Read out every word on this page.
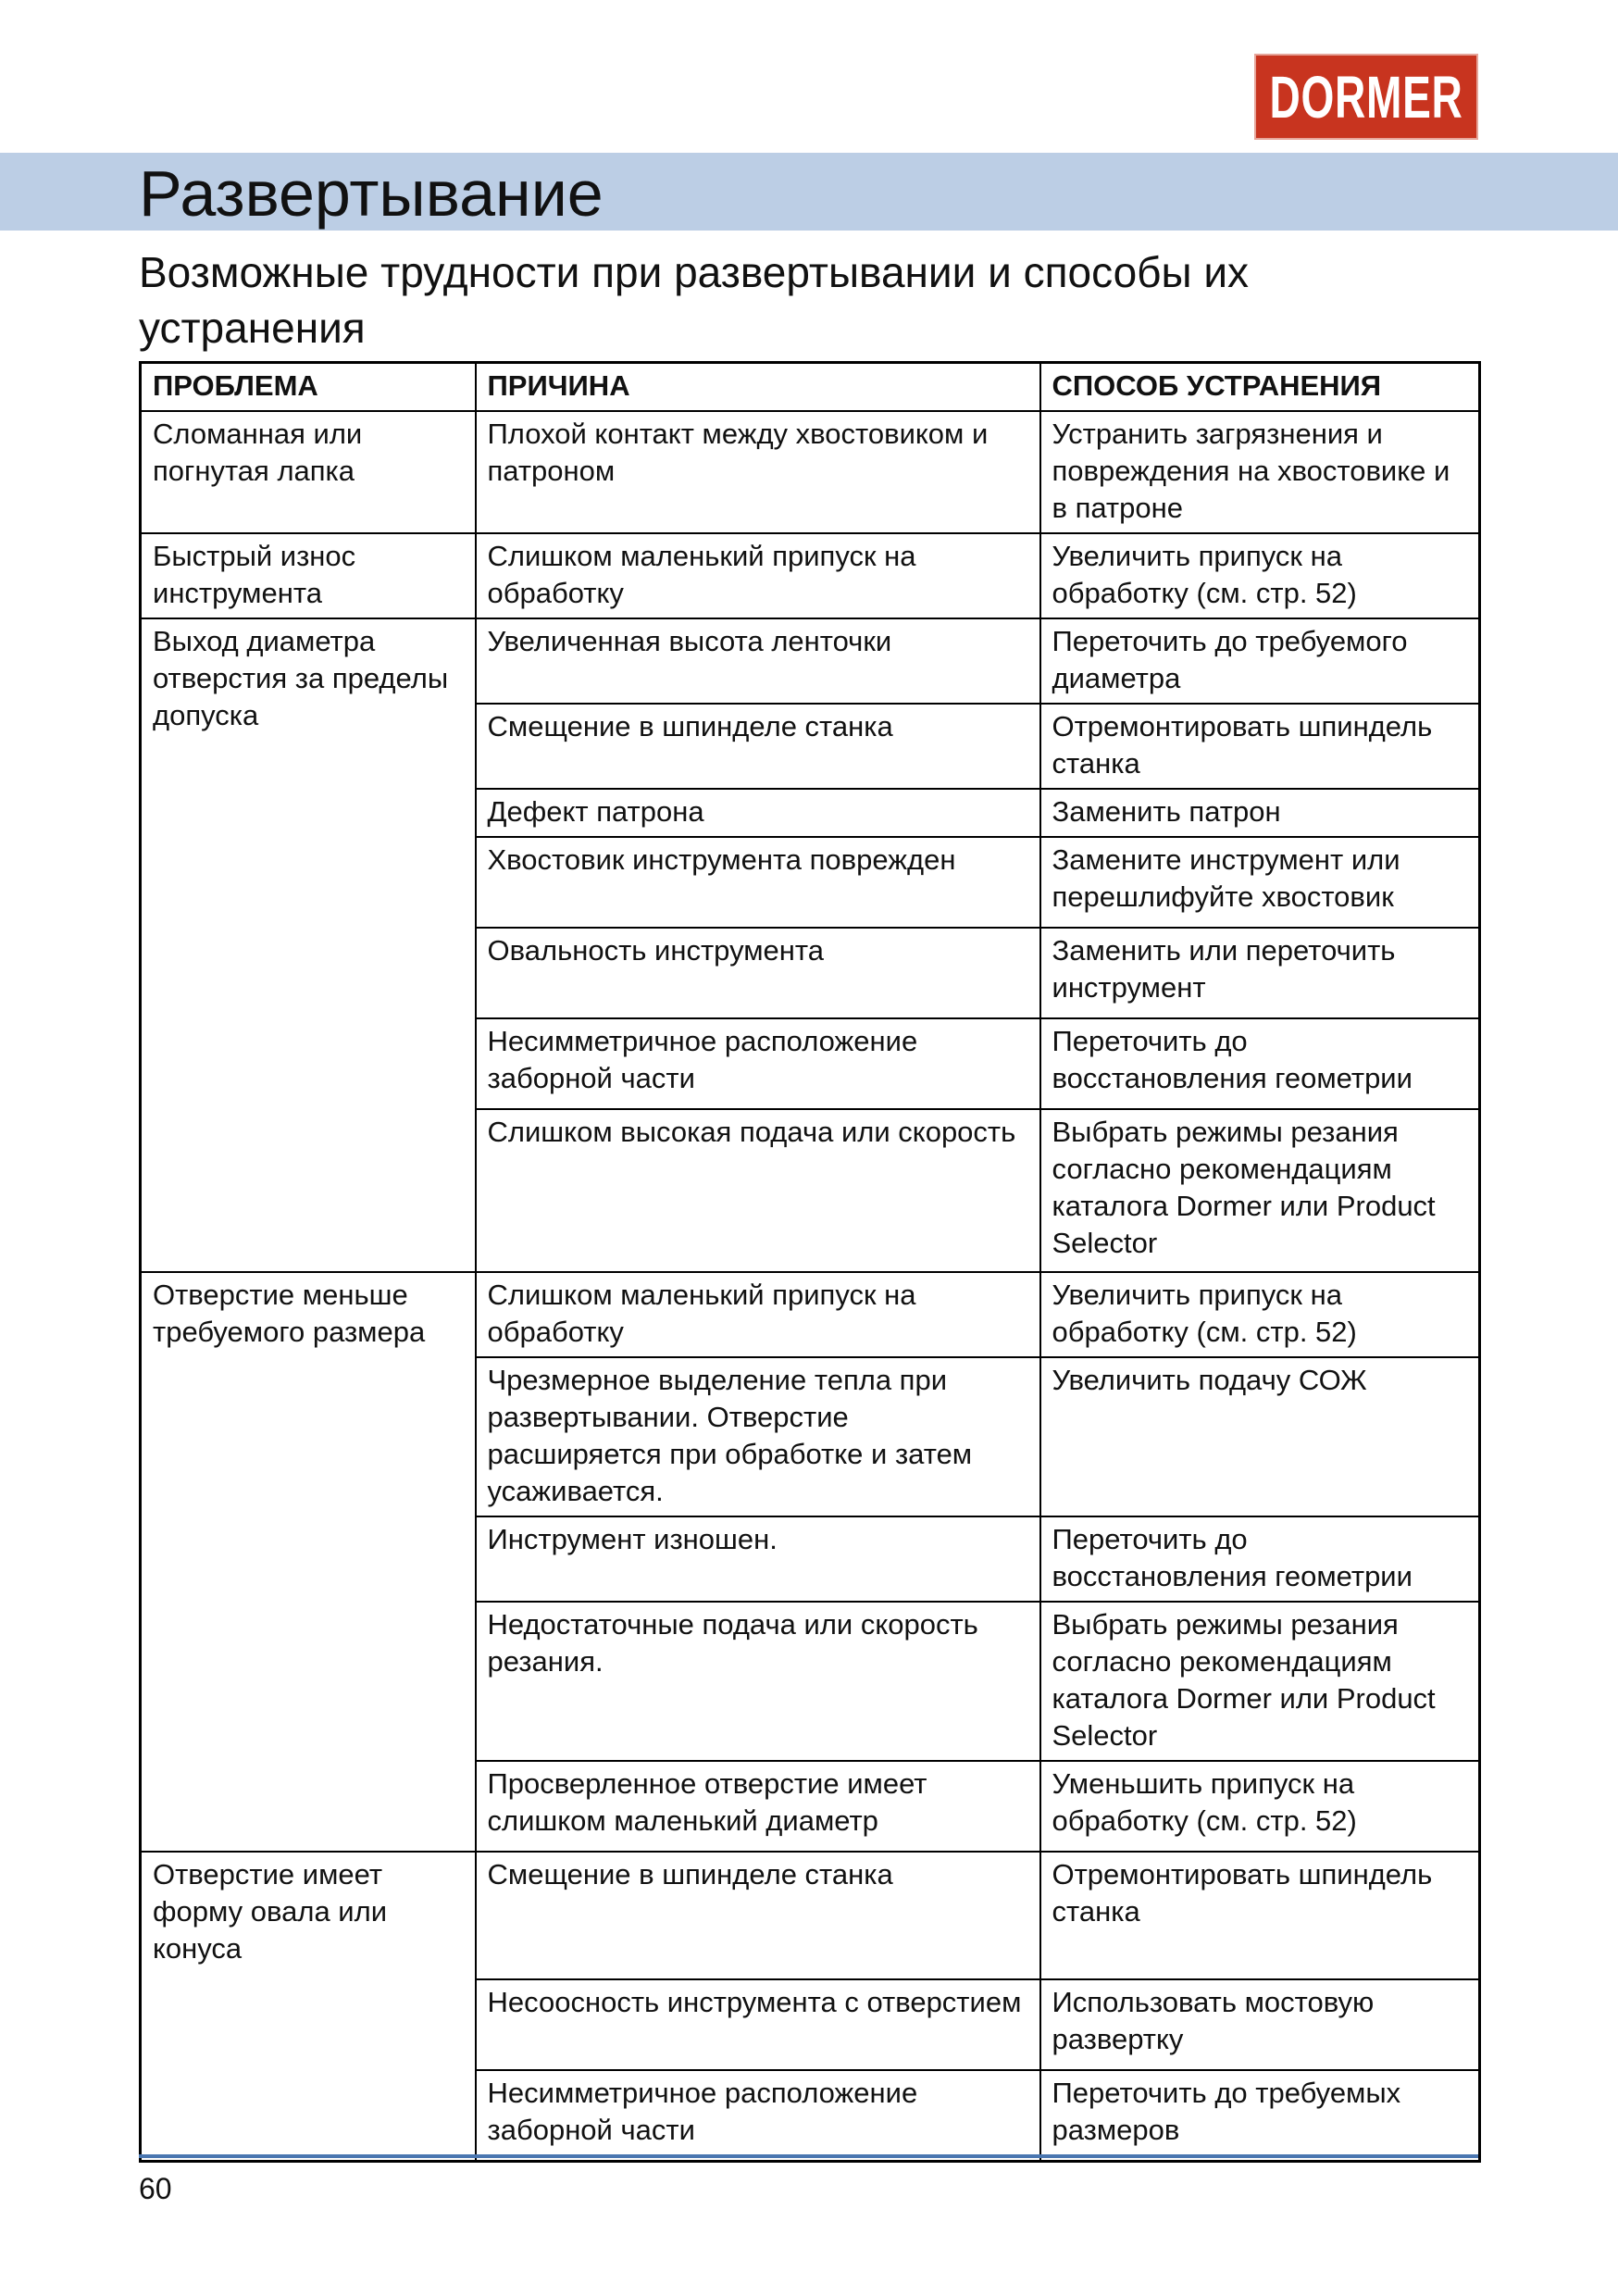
DORMER
Развертывание
Возможные трудности при развертывании и способы их устранения
ПРОБЛЕМА	ПРИЧИНА	СПОСОБ УСТРАНЕНИЯ
Сломанная или погнутая лапка	Плохой контакт между хвостовиком и патроном	Устранить загрязнения и повреждения на хвостовике и в патроне
Быстрый износ инструмента	Слишком маленький припуск на обработку	Увеличить припуск на обработку (см. стр. 52)
Выход диаметра отверстия за пределы допуска	Увеличенная высота ленточки	Переточить до требуемого диаметра
	Смещение в шпинделе станка	Отремонтировать шпиндель станка
	Дефект патрона	Заменить патрон
	Хвостовик инструмента поврежден	Замените инструмент или перешлифуйте хвостовик
	Овальность инструмента	Заменить или переточить инструмент
	Несимметричное расположение заборной части	Переточить до восстановления геометрии
	Слишком высокая подача или скорость	Выбрать режимы резания согласно рекомендациям каталога Dormer или Product Selector
Отверстие меньше требуемого размера	Слишком маленький припуск на обработку	Увеличить припуск на обработку (см. стр. 52)
	Чрезмерное выделение тепла при развертывании. Отверстие расширяется при обработке и затем усаживается.	Увеличить подачу СОЖ
	Инструмент изношен.	Переточить до восстановления геометрии
	Недостаточные подача или скорость резания.	Выбрать режимы резания согласно рекомендациям каталога Dormer или Product Selector
	Просверленное отверстие имеет слишком маленький диаметр	Уменьшить припуск на обработку (см. стр. 52)
Отверстие имеет форму овала или конуса	Смещение в шпинделе станка	Отремонтировать шпиндель станка
	Несоосность инструмента с отверстием	Использовать мостовую развертку
	Несимметричное расположение заборной части	Переточить до требуемых размеров
60
